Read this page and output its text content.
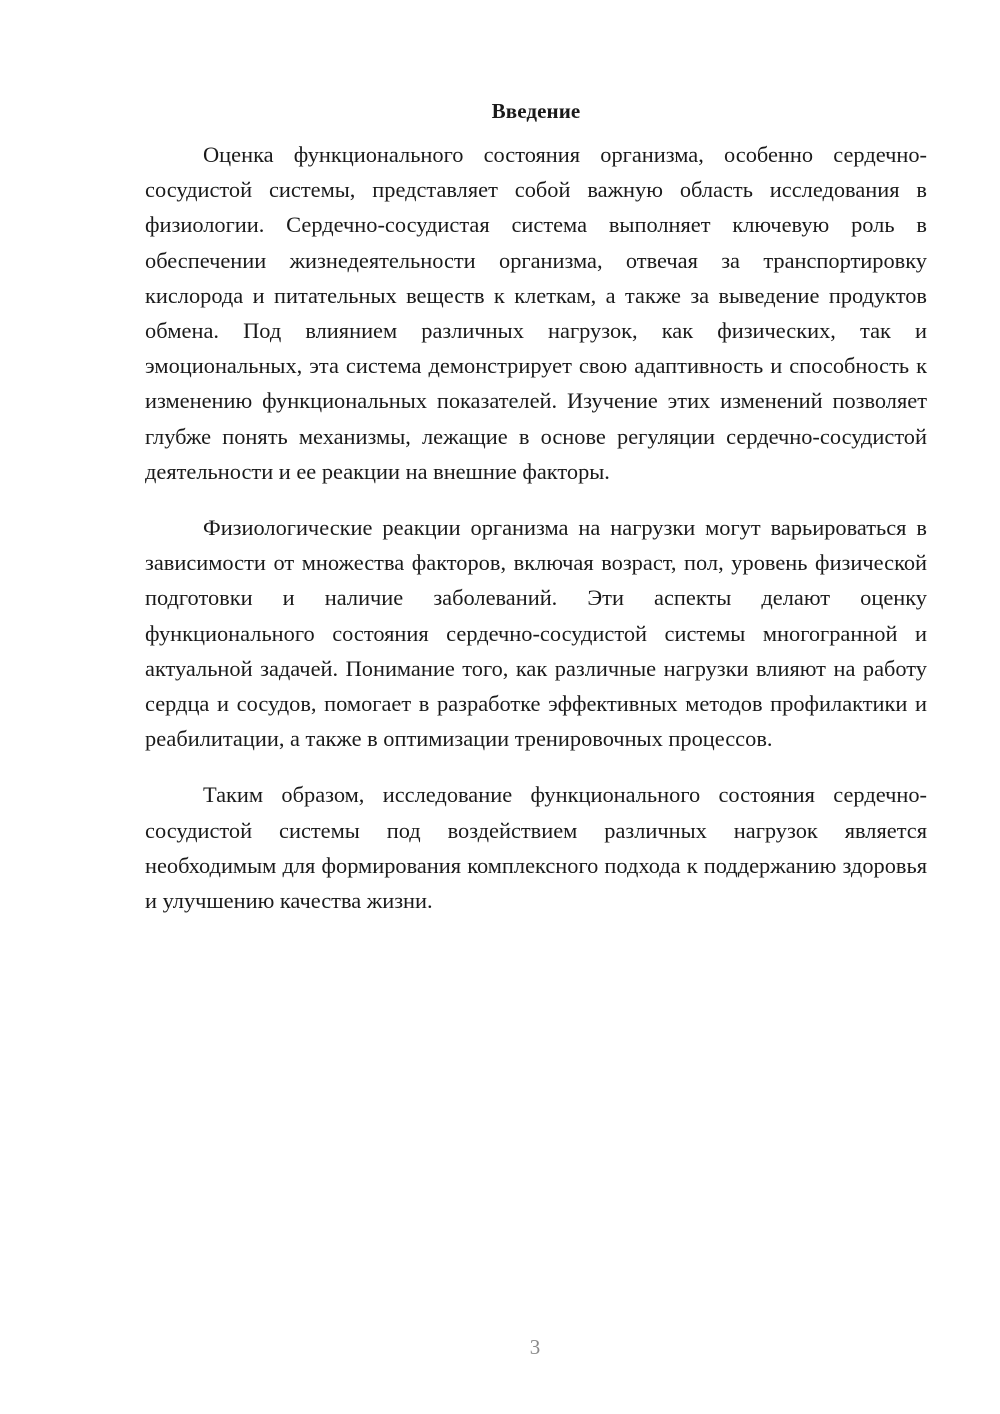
Введение

Оценка функционального состояния организма, особенно сердечно-сосудистой системы, представляет собой важную область исследования в физиологии. Сердечно-сосудистая система выполняет ключевую роль в обеспечении жизнедеятельности организма, отвечая за транспортировку кислорода и питательных веществ к клеткам, а также за выведение продуктов обмена. Под влиянием различных нагрузок, как физических, так и эмоциональных, эта система демонстрирует свою адаптивность и способность к изменению функциональных показателей. Изучение этих изменений позволяет глубже понять механизмы, лежащие в основе регуляции сердечно-сосудистой деятельности и ее реакции на внешние факторы.

Физиологические реакции организма на нагрузки могут варьироваться в зависимости от множества факторов, включая возраст, пол, уровень физической подготовки и наличие заболеваний. Эти аспекты делают оценку функционального состояния сердечно-сосудистой системы многогранной и актуальной задачей. Понимание того, как различные нагрузки влияют на работу сердца и сосудов, помогает в разработке эффективных методов профилактики и реабилитации, а также в оптимизации тренировочных процессов.

Таким образом, исследование функционального состояния сердечно-сосудистой системы под воздействием различных нагрузок является необходимым для формирования комплексного подхода к поддержанию здоровья и улучшению качества жизни.

3
